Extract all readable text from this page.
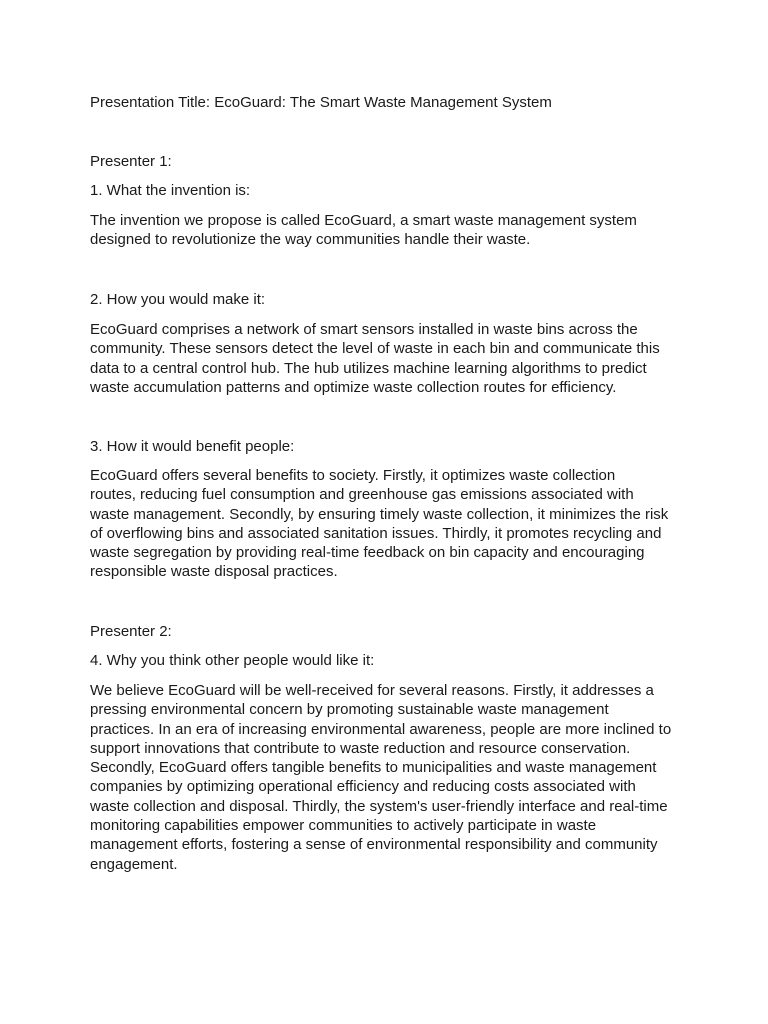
Presentation Title: EcoGuard: The Smart Waste Management System

Presenter 1:

1. What the invention is:

The invention we propose is called EcoGuard, a smart waste management system
designed to revolutionize the way communities handle their waste.

2. How you would make it:

EcoGuard comprises a network of smart sensors installed in waste bins across the
community. These sensors detect the level of waste in each bin and communicate this
data to a central control hub. The hub utilizes machine learning algorithms to predict
waste accumulation patterns and optimize waste collection routes for efficiency.

3. How it would benefit people:

EcoGuard offers several benefits to society. Firstly, it optimizes waste collection
routes, reducing fuel consumption and greenhouse gas emissions associated with
waste management. Secondly, by ensuring timely waste collection, it minimizes the risk
of overflowing bins and associated sanitation issues. Thirdly, it promotes recycling and
waste segregation by providing real-time feedback on bin capacity and encouraging
responsible waste disposal practices.

Presenter 2:

4. Why you think other people would like it:

We believe EcoGuard will be well-received for several reasons. Firstly, it addresses a
pressing environmental concern by promoting sustainable waste management
practices. In an era of increasing environmental awareness, people are more inclined to
support innovations that contribute to waste reduction and resource conservation.
Secondly, EcoGuard offers tangible benefits to municipalities and waste management
companies by optimizing operational efficiency and reducing costs associated with
waste collection and disposal. Thirdly, the system's user-friendly interface and real-time
monitoring capabilities empower communities to actively participate in waste
management efforts, fostering a sense of environmental responsibility and community
engagement.
